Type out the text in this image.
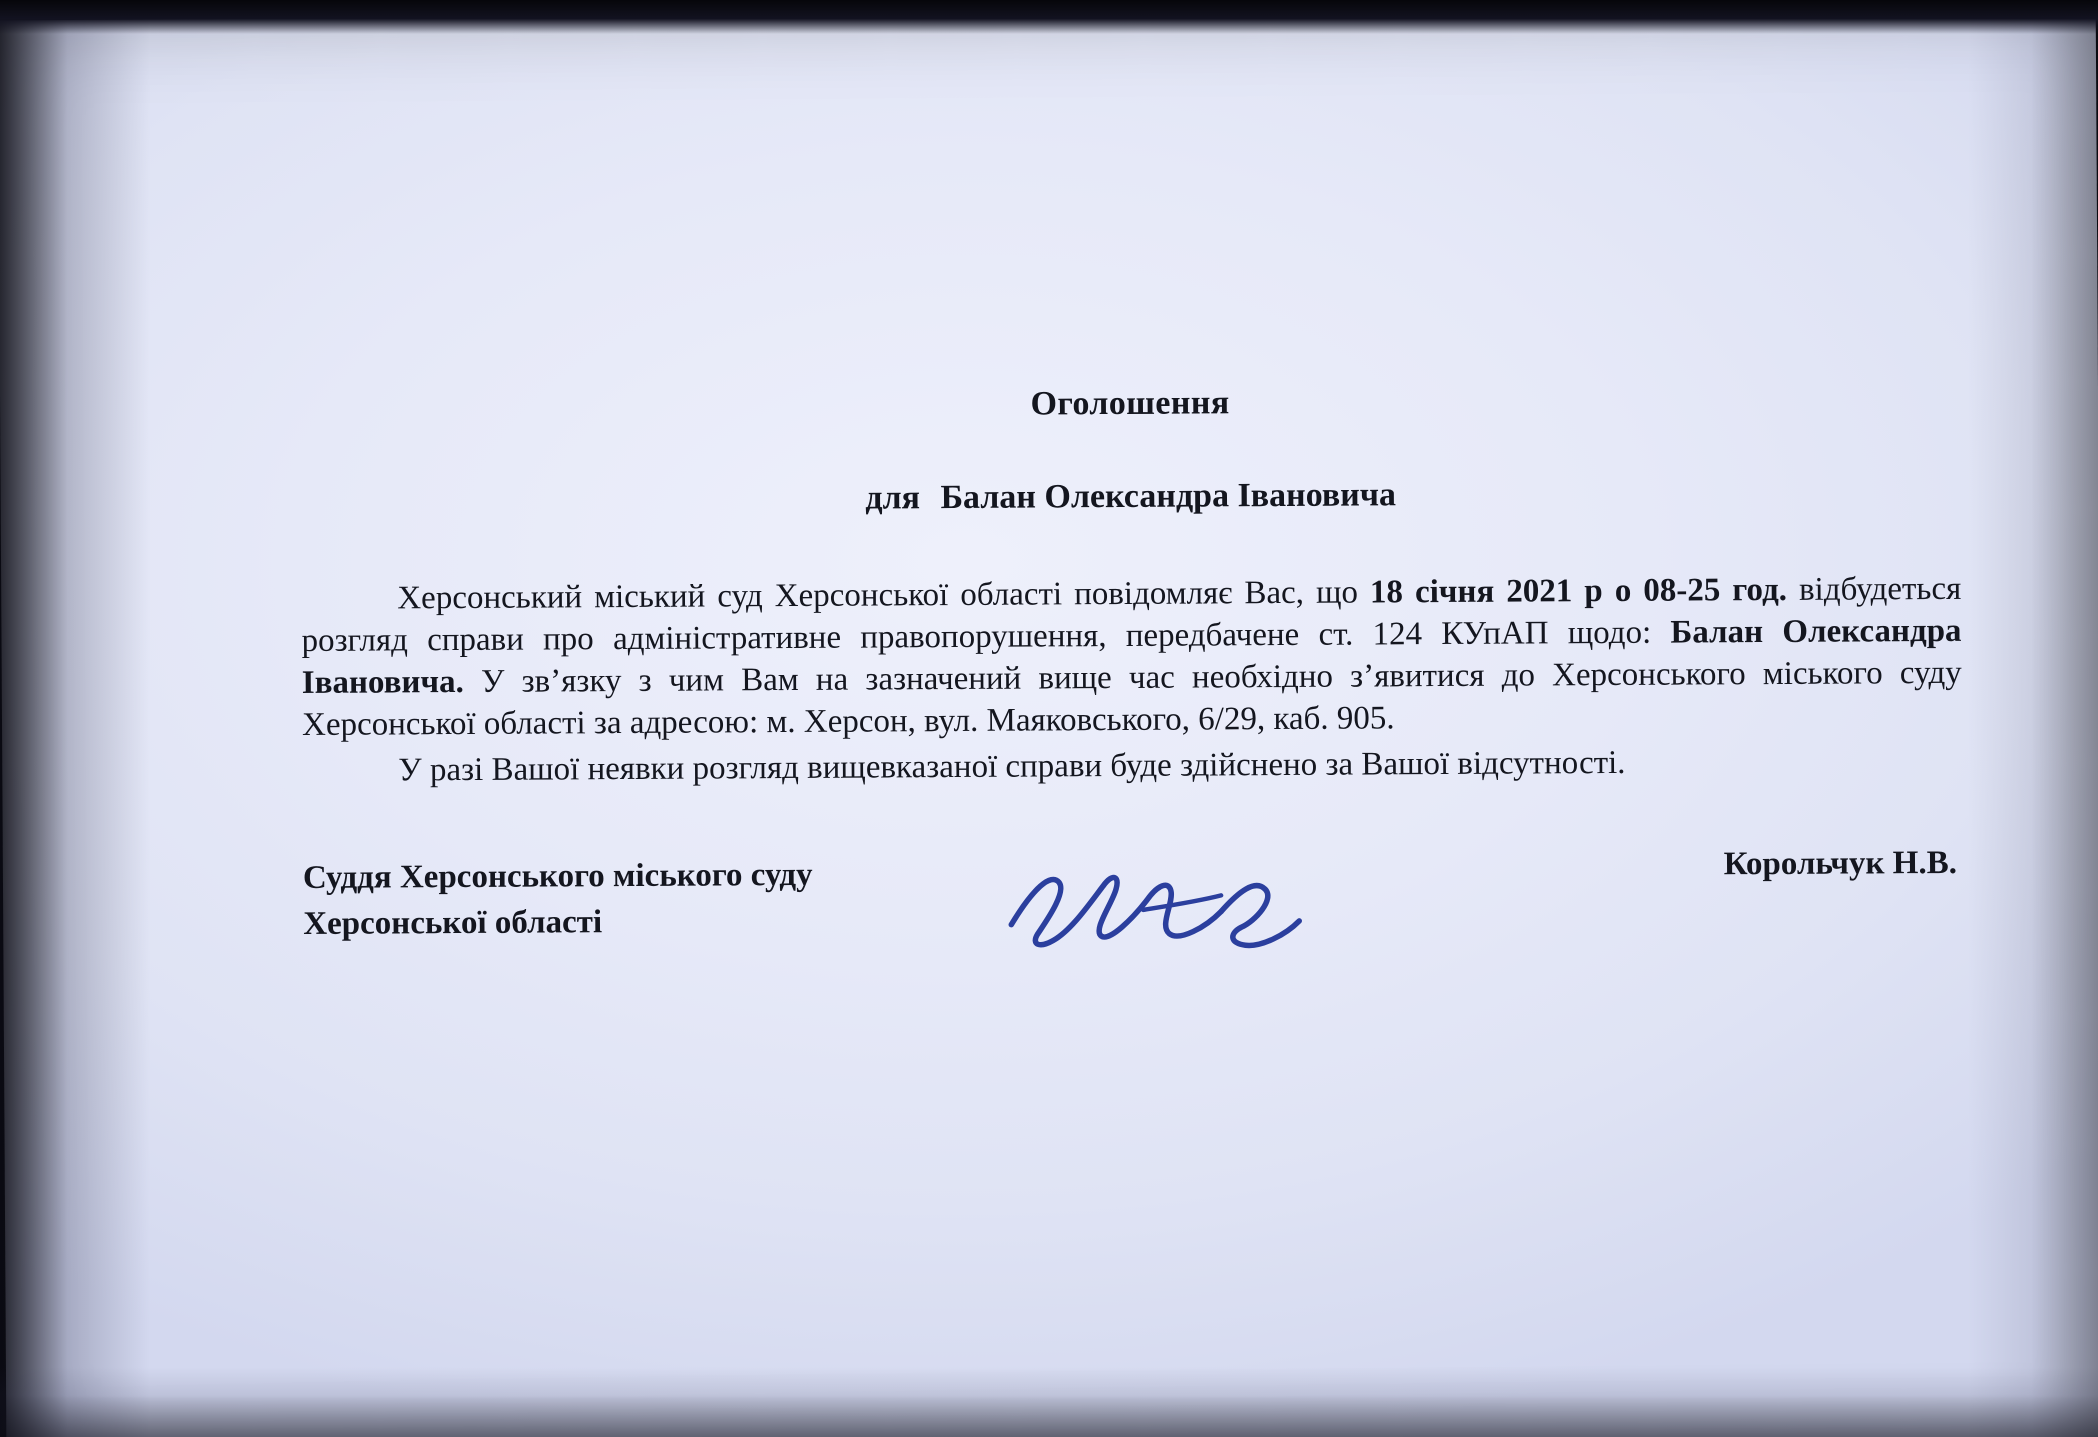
Оголошення
для Балан Олександра Івановича

Херсонський міський суд Херсонської області повідомляє Вас, що 18 січня 2021 р о 08-25 год. відбудеться розгляд справи про адміністративне правопорушення, передбачене ст. 124 КУпАП щодо: Балан Олександра Івановича. У зв’язку з чим Вам на зазначений вище час необхідно з’явитися до Херсонського міського суду Херсонської області за адресою: м. Херсон, вул. Маяковського, 6/29, каб. 905.

У разі Вашої неявки розгляд вищевказаної справи буде здійснено за Вашої відсутності.

Суддя Херсонського міського суду
Херсонської області
Корольчук Н.В.
